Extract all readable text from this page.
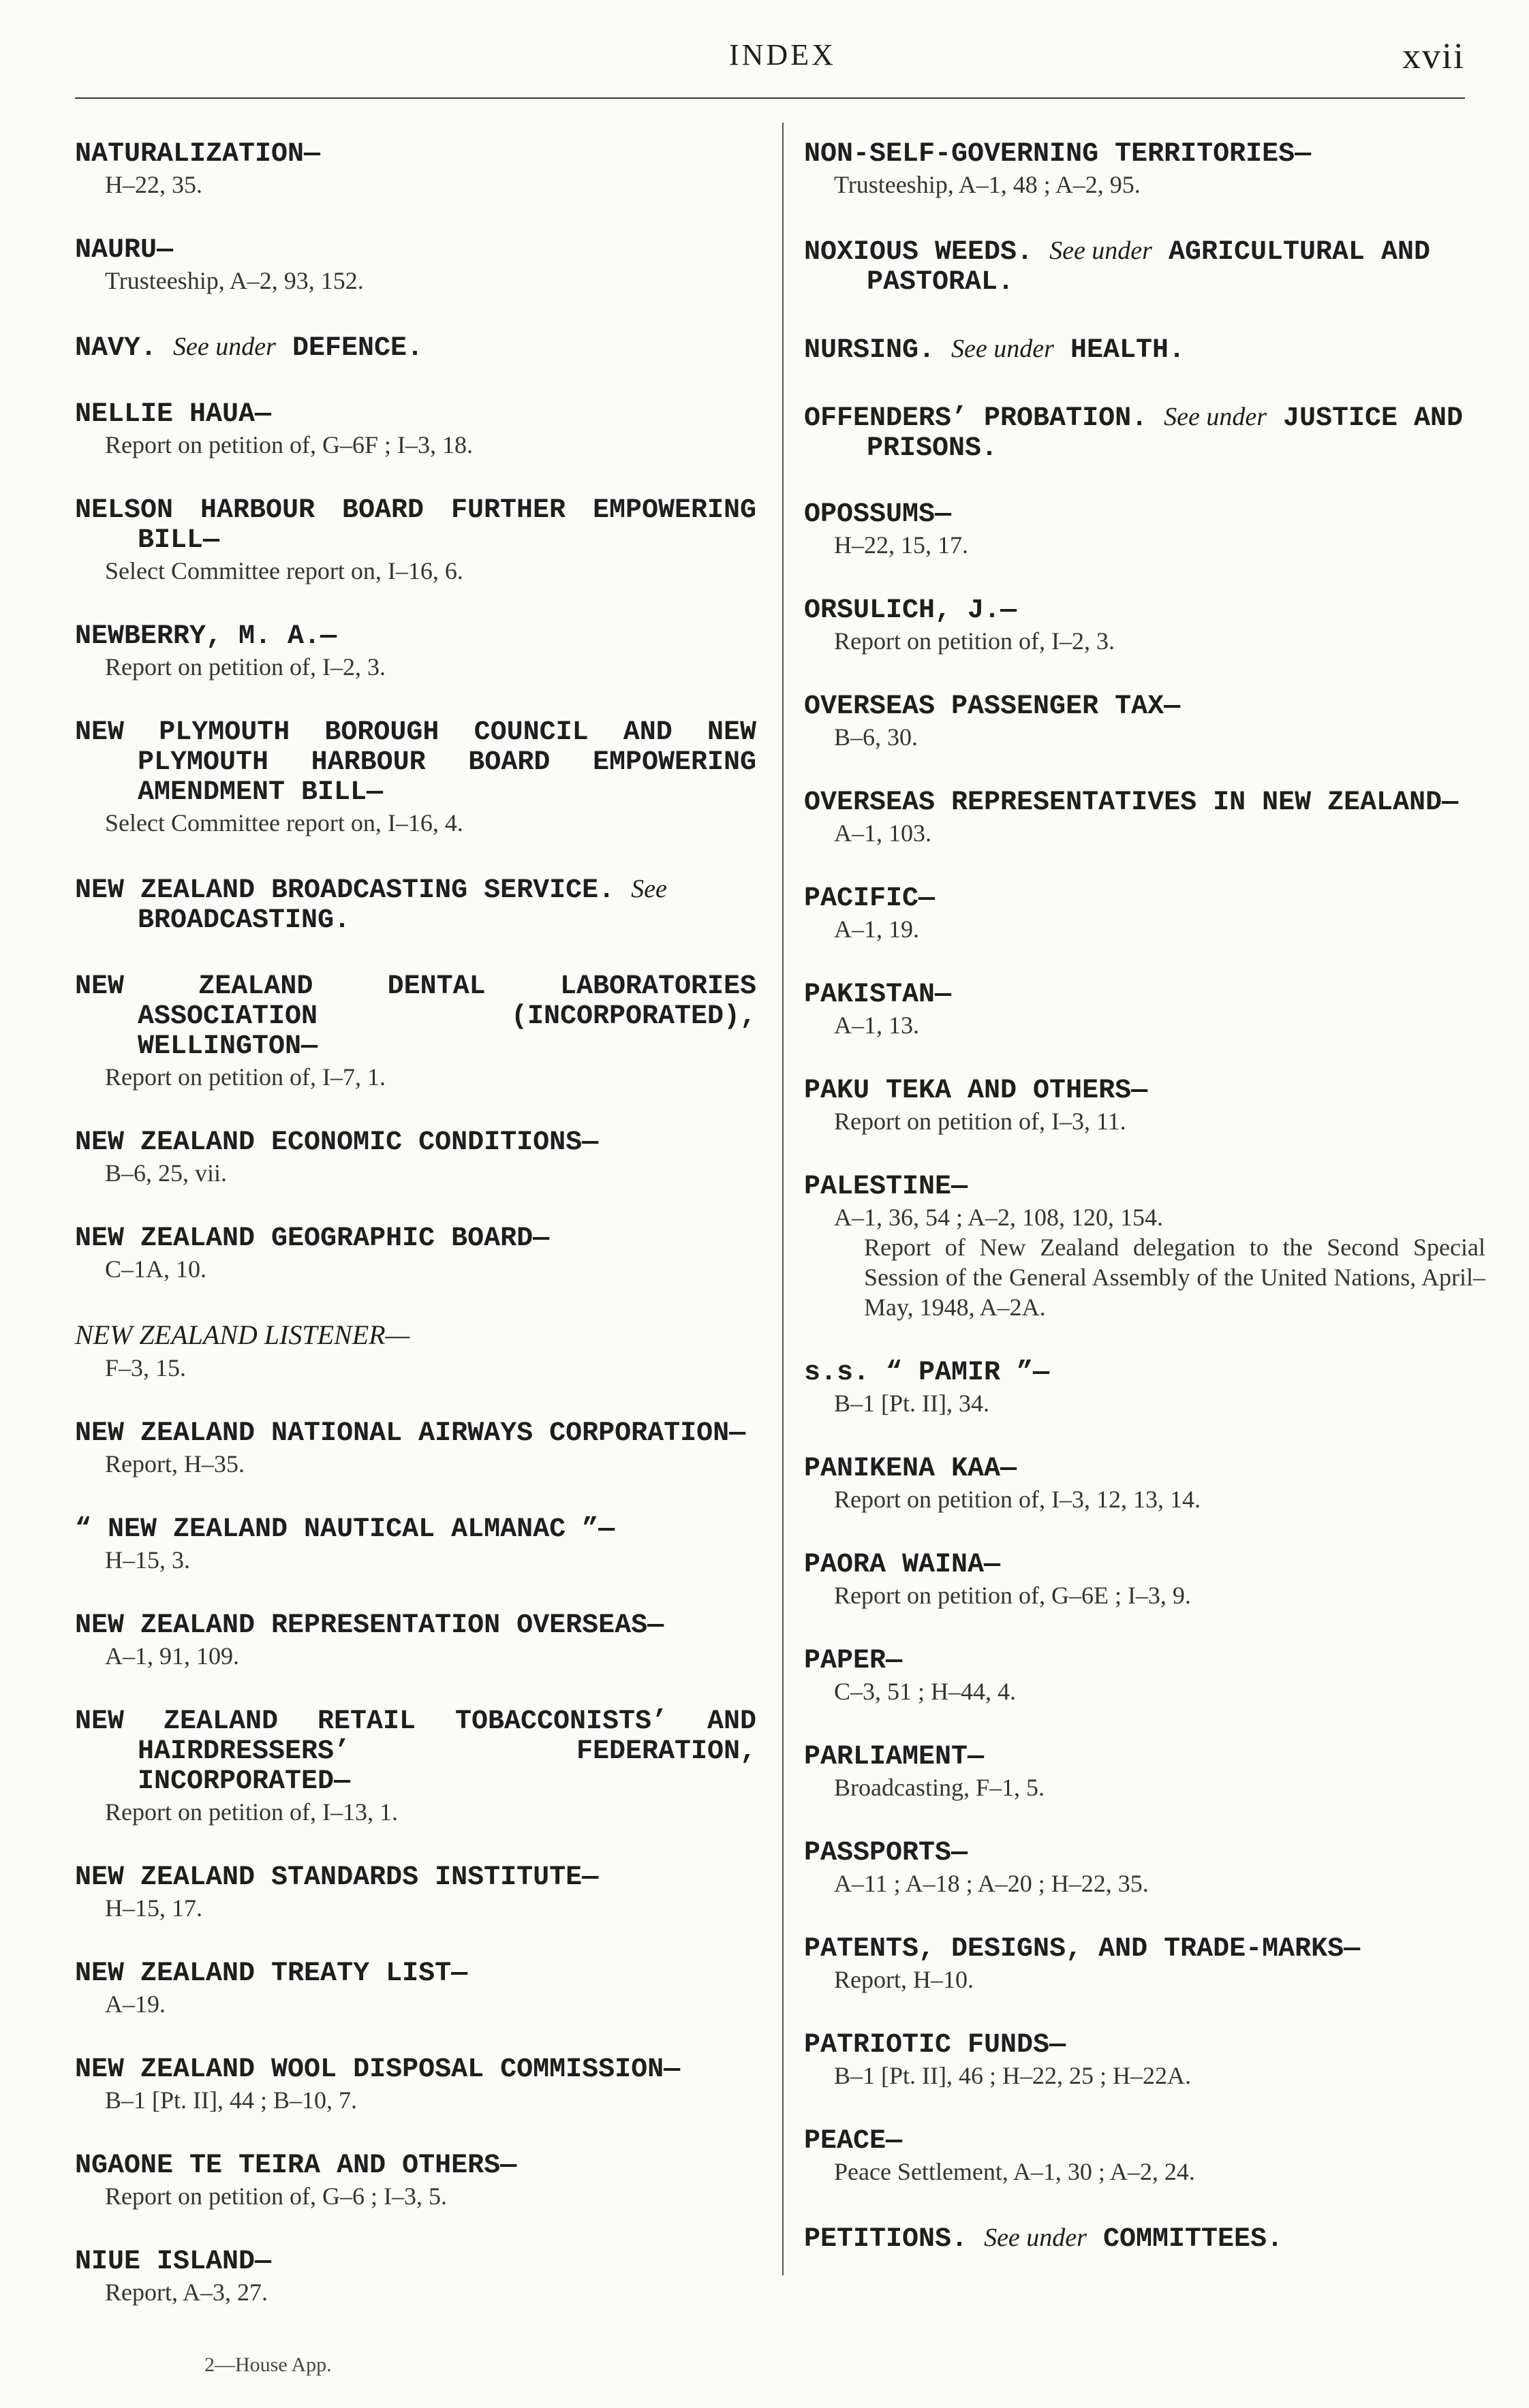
INDEX	xvii
NATURALIZATION—
H–22, 35.
NAURU—
Trusteeship, A–2, 93, 152.
NAVY. See under DEFENCE.
NELLIE HAUA—
Report on petition of, G–6F ; I–3, 18.
NELSON HARBOUR BOARD FURTHER EMPOWERING BILL—
Select Committee report on, I–16, 6.
NEWBERRY, M. A.—
Report on petition of, I–2, 3.
NEW PLYMOUTH BOROUGH COUNCIL AND NEW PLYMOUTH HARBOUR BOARD EMPOWERING AMENDMENT BILL—
Select Committee report on, I–16, 4.
NEW ZEALAND BROADCASTING SERVICE. See BROADCASTING.
NEW ZEALAND DENTAL LABORATORIES ASSOCIATION (INCORPORATED), WELLINGTON—
Report on petition of, I–7, 1.
NEW ZEALAND ECONOMIC CONDITIONS—
B–6, 25, vii.
NEW ZEALAND GEOGRAPHIC BOARD—
C–1A, 10.
NEW ZEALAND LISTENER—
F–3, 15.
NEW ZEALAND NATIONAL AIRWAYS CORPORATION—
Report, H–35.
“ NEW ZEALAND NAUTICAL ALMANAC ”—
H–15, 3.
NEW ZEALAND REPRESENTATION OVERSEAS—
A–1, 91, 109.
NEW ZEALAND RETAIL TOBACCONISTS’ AND HAIRDRESSERS’ FEDERATION, INCORPORATED—
Report on petition of, I–13, 1.
NEW ZEALAND STANDARDS INSTITUTE—
H–15, 17.
NEW ZEALAND TREATY LIST—
A–19.
NEW ZEALAND WOOL DISPOSAL COMMISSION—
B–1 [Pt. II], 44 ; B–10, 7.
NGAONE TE TEIRA AND OTHERS—
Report on petition of, G–6 ; I–3, 5.
NIUE ISLAND—
Report, A–3, 27.
NON-SELF-GOVERNING TERRITORIES—
Trusteeship, A–1, 48 ; A–2, 95.
NOXIOUS WEEDS. See under AGRICULTURAL AND PASTORAL.
NURSING. See under HEALTH.
OFFENDERS’ PROBATION. See under JUSTICE AND PRISONS.
OPOSSUMS—
H–22, 15, 17.
ORSULICH, J.—
Report on petition of, I–2, 3.
OVERSEAS PASSENGER TAX—
B–6, 30.
OVERSEAS REPRESENTATIVES IN NEW ZEALAND—
A–1, 103.
PACIFIC—
A–1, 19.
PAKISTAN—
A–1, 13.
PAKU TEKA AND OTHERS—
Report on petition of, I–3, 11.
PALESTINE—
A–1, 36, 54 ; A–2, 108, 120, 154.
Report of New Zealand delegation to the Second Special Session of the General Assembly of the United Nations, April–May, 1948, A–2A.
s.s. “ PAMIR ”—
B–1 [Pt. II], 34.
PANIKENA KAA—
Report on petition of, I–3, 12, 13, 14.
PAORA WAINA—
Report on petition of, G–6E ; I–3, 9.
PAPER—
C–3, 51 ; H–44, 4.
PARLIAMENT—
Broadcasting, F–1, 5.
PASSPORTS—
A–11 ; A–18 ; A–20 ; H–22, 35.
PATENTS, DESIGNS, AND TRADE-MARKS—
Report, H–10.
PATRIOTIC FUNDS—
B–1 [Pt. II], 46 ; H–22, 25 ; H–22A.
PEACE—
Peace Settlement, A–1, 30 ; A–2, 24.
PETITIONS. See under COMMITTEES.
2—House App.
